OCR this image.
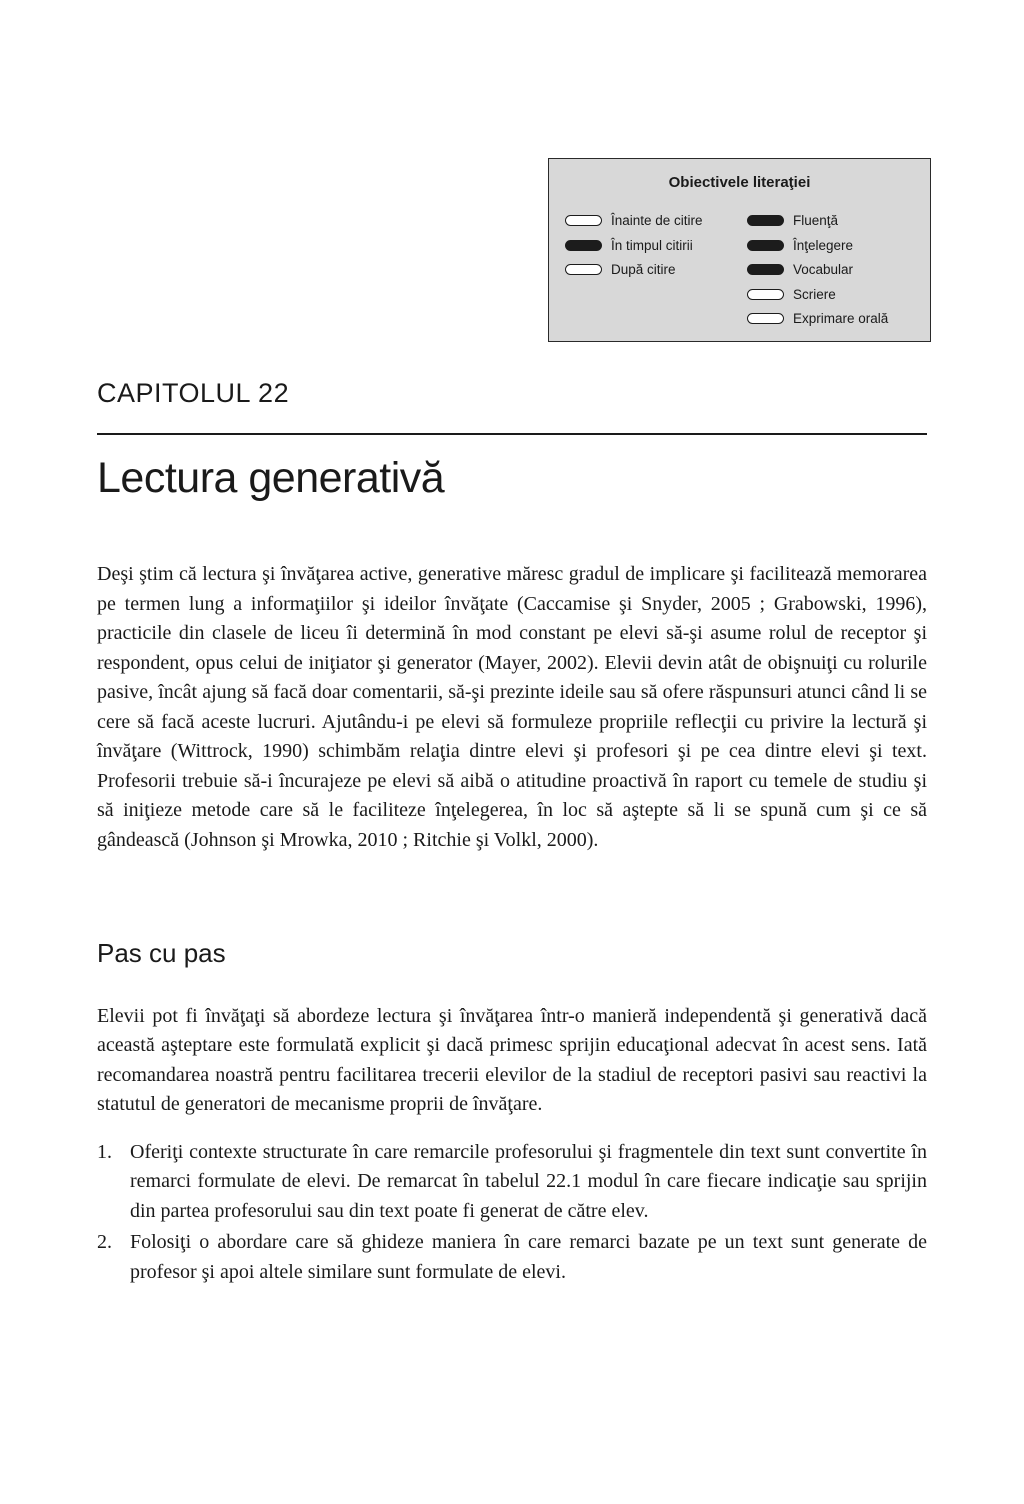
Obiectivele literaţiei
Înainte de citire
În timpul citirii
După citire
Fluenţă
Înţelegere
Vocabular
Scriere
Exprimare orală
CAPITOLUL 22
Lectura generativă

Deşi ştim că lectura şi învăţarea active, generative măresc gradul de implicare şi facilitează memorarea pe termen lung a informaţiilor şi ideilor învăţate (Caccamise şi Snyder, 2005 ; Grabowski, 1996), practicile din clasele de liceu îi determină în mod constant pe elevi să-şi asume rolul de receptor şi respondent, opus celui de iniţiator şi generator (Mayer, 2002). Elevii devin atât de obişnuiţi cu rolurile pasive, încât ajung să facă doar comentarii, să-şi prezinte ideile sau să ofere răspunsuri atunci când li se cere să facă aceste lucruri. Ajutându-i pe elevi să formuleze propriile reflecţii cu privire la lectură şi învăţare (Wittrock, 1990) schimbăm relaţia dintre elevi şi profesori şi pe cea dintre elevi şi text. Profesorii trebuie să-i încurajeze pe elevi să aibă o atitudine proactivă în raport cu temele de studiu şi să iniţieze metode care să le faciliteze înţelegerea, în loc să aştepte să li se spună cum şi ce să gândească (Johnson şi Mrowka, 2010 ; Ritchie şi Volkl, 2000).

Pas cu pas

Elevii pot fi învăţaţi să abordeze lectura şi învăţarea într-o manieră independentă şi generativă dacă această aşteptare este formulată explicit şi dacă primesc sprijin educaţional adecvat în acest sens. Iată recomandarea noastră pentru facilitarea trecerii elevilor de la stadiul de receptori pasivi sau reactivi la statutul de generatori de mecanisme proprii de învăţare.

1. Oferiţi contexte structurate în care remarcile profesorului şi fragmentele din text sunt convertite în remarci formulate de elevi. De remarcat în tabelul 22.1 modul în care fiecare indicaţie sau sprijin din partea profesorului sau din text poate fi generat de către elev.
2. Folosiţi o abordare care să ghideze maniera în care remarci bazate pe un text sunt generate de profesor şi apoi altele similare sunt formulate de elevi.
